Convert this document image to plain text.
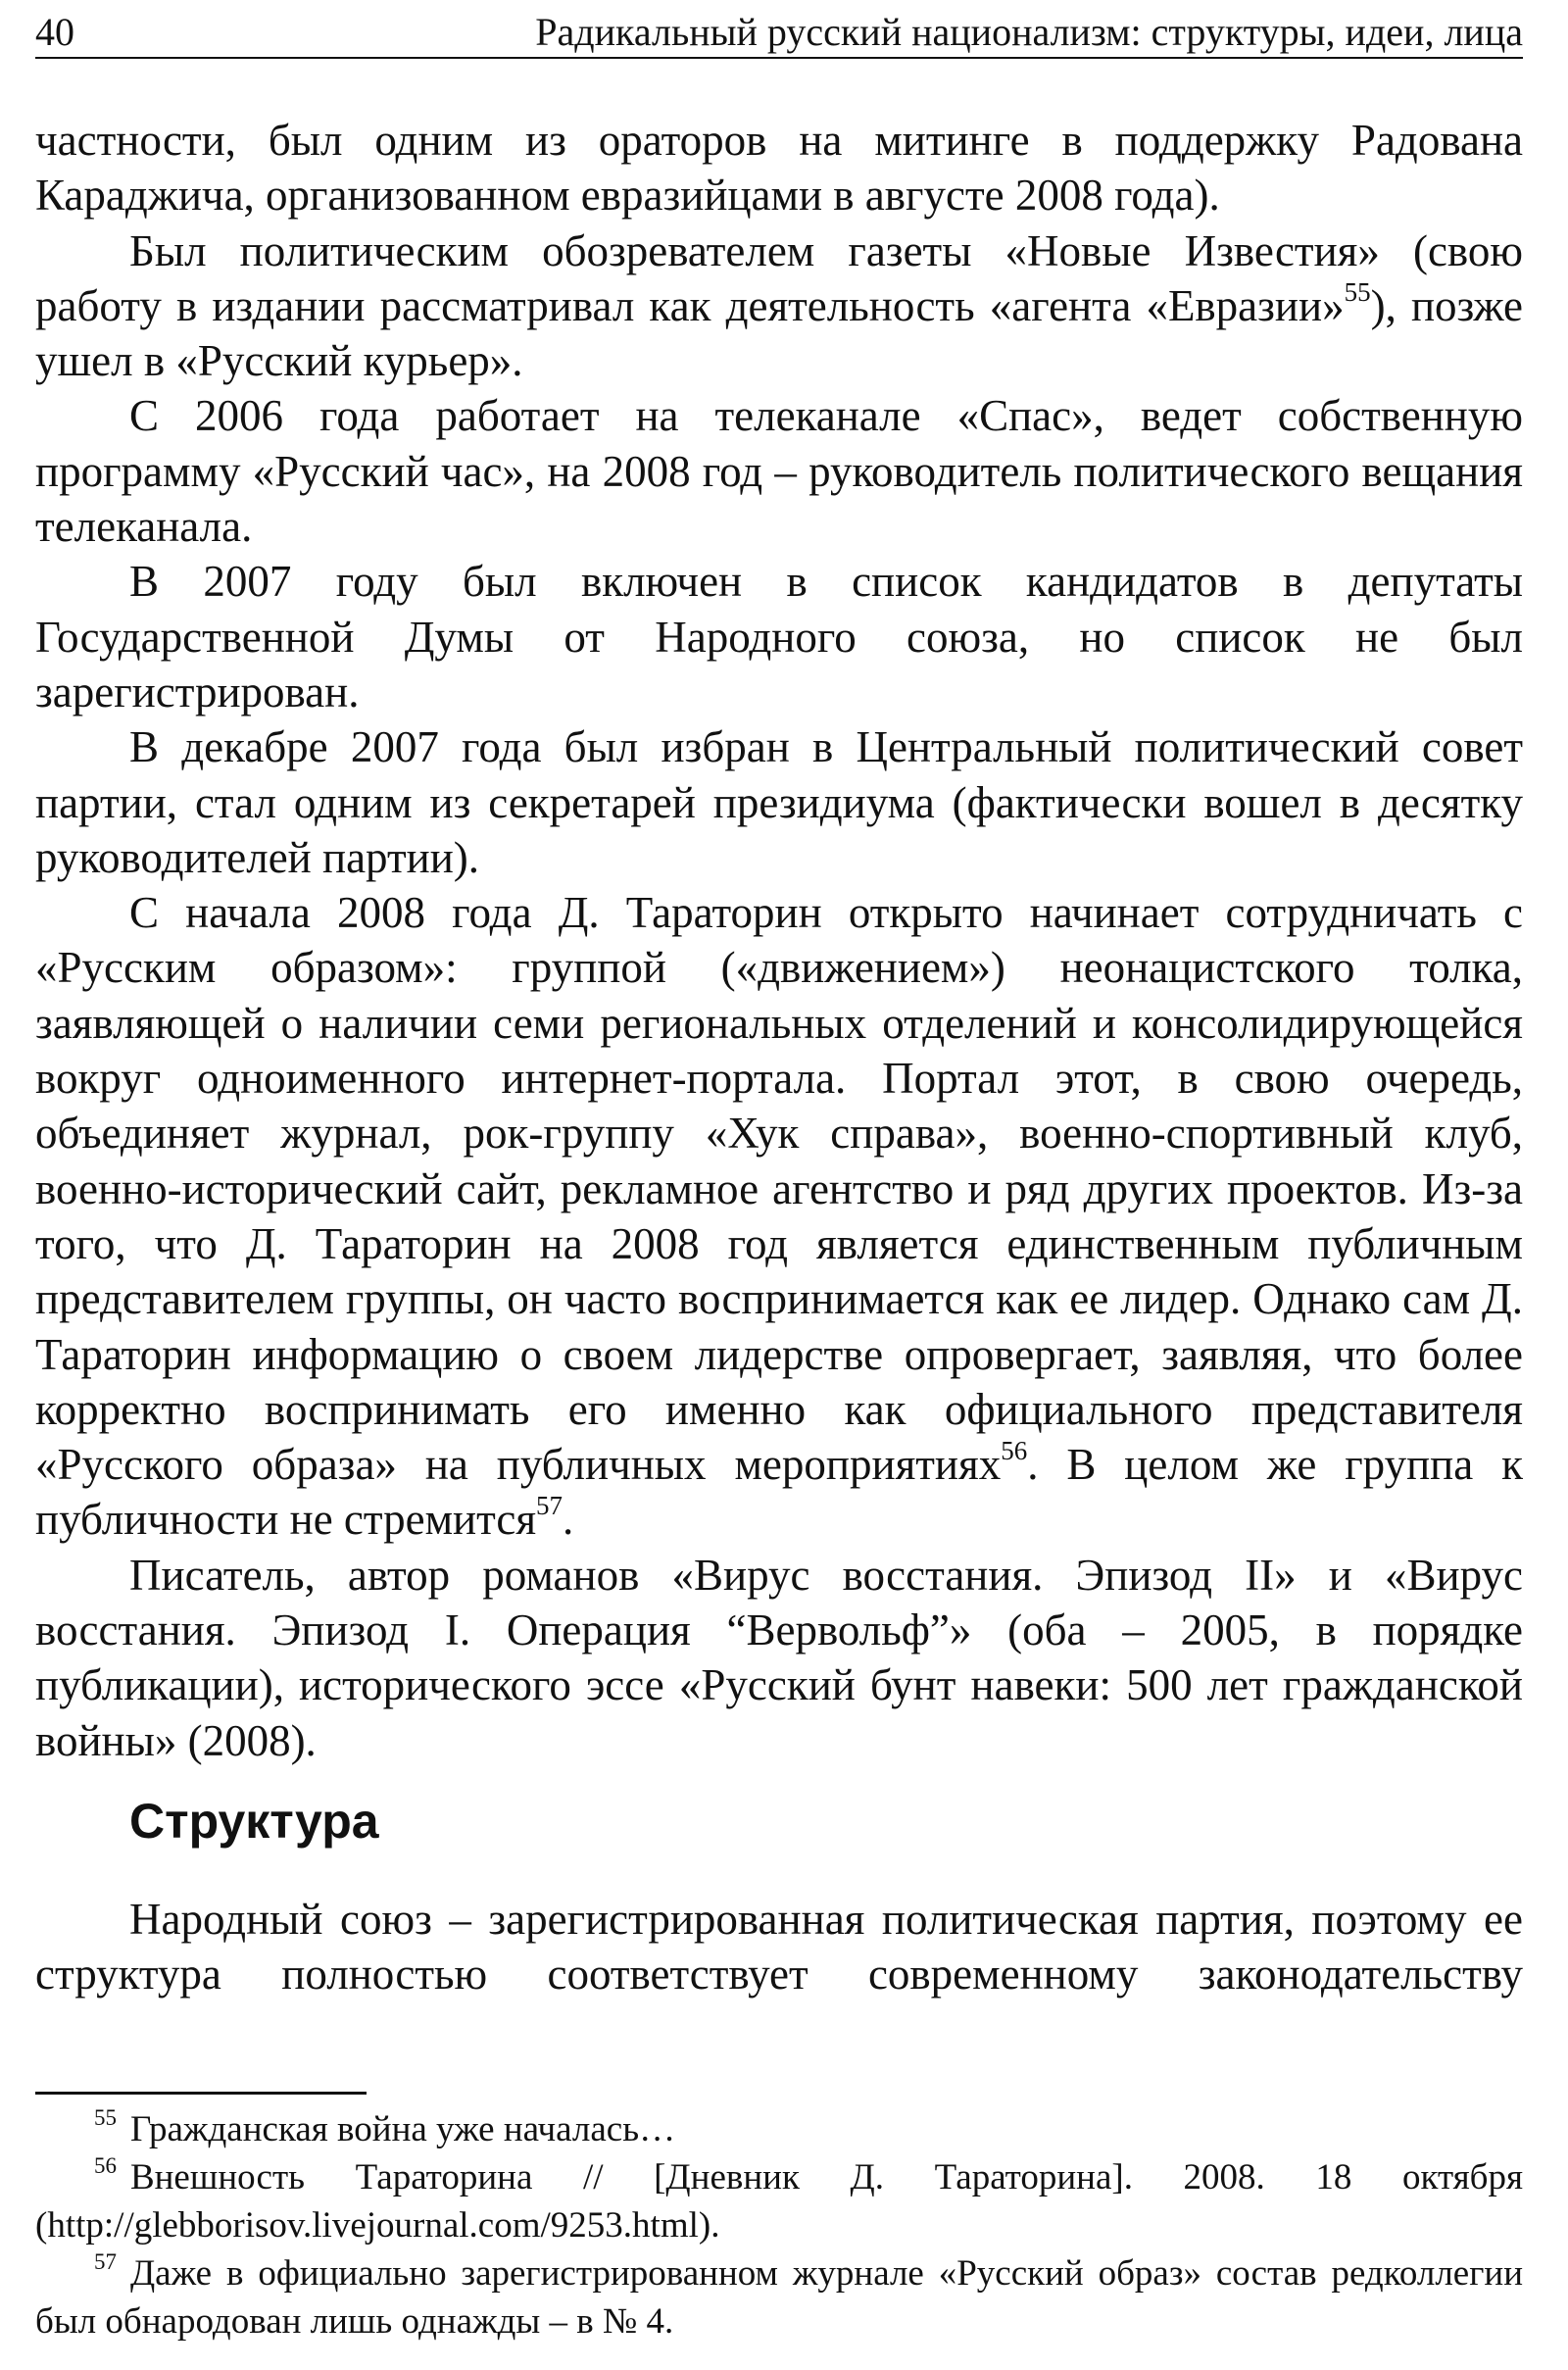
40	Радикальный русский национализм: структуры, идеи, лица

частности, был одним из ораторов на митинге в поддержку Радована Караджича, организованном евразийцами в августе 2008 года).

Был политическим обозревателем газеты «Новые Известия» (свою работу в издании рассматривал как деятельность «агента «Евразии»$^{55}$), позже ушел в «Русский курьер».

С 2006 года работает на телеканале «Спас», ведет собственную программу «Русский час», на 2008 год – руководитель политического вещания телеканала.

В 2007 году был включен в список кандидатов в депутаты Государственной Думы от Народного союза, но список не был зарегистрирован.

В декабре 2007 года был избран в Центральный политический совет партии, стал одним из секретарей президиума (фактически вошел в десятку руководителей партии).

С начала 2008 года Д. Тараторин открыто начинает сотрудничать с «Русским образом»: группой («движением») неонацистского толка, заявляющей о наличии семи региональных отделений и консолидирующейся вокруг одноименного интернет-портала. Портал этот, в свою очередь, объединяет журнал, рок-группу «Хук справа», военно-спортивный клуб, военно-исторический сайт, рекламное агентство и ряд других проектов. Из-за того, что Д. Тараторин на 2008 год является единственным публичным представителем группы, он часто воспринимается как ее лидер. Однако сам Д. Тараторин информацию о своем лидерстве опровергает, заявляя, что более корректно воспринимать его именно как официального представителя «Русского образа» на публичных мероприятиях$^{56}$. В целом же группа к публичности не стремится$^{57}$.

Писатель, автор романов «Вирус восстания. Эпизод II» и «Вирус восстания. Эпизод I. Операция “Вервольф”» (оба – 2005, в порядке публикации), исторического эссе «Русский бунт навеки: 500 лет гражданской войны» (2008).

Структура

Народный союз – зарегистрированная политическая партия, поэтому ее структура полностью соответствует современному законодательству

$^{55}$ Гражданская война уже началась…

$^{56}$ Внешность Тараторина // [Дневник Д. Тараторина]. 2008. 18 октября (http://glebborisov.livejournal.com/9253.html).

$^{57}$ Даже в официально зарегистрированном журнале «Русский образ» состав редколлегии был обнародован лишь однажды – в № 4.
